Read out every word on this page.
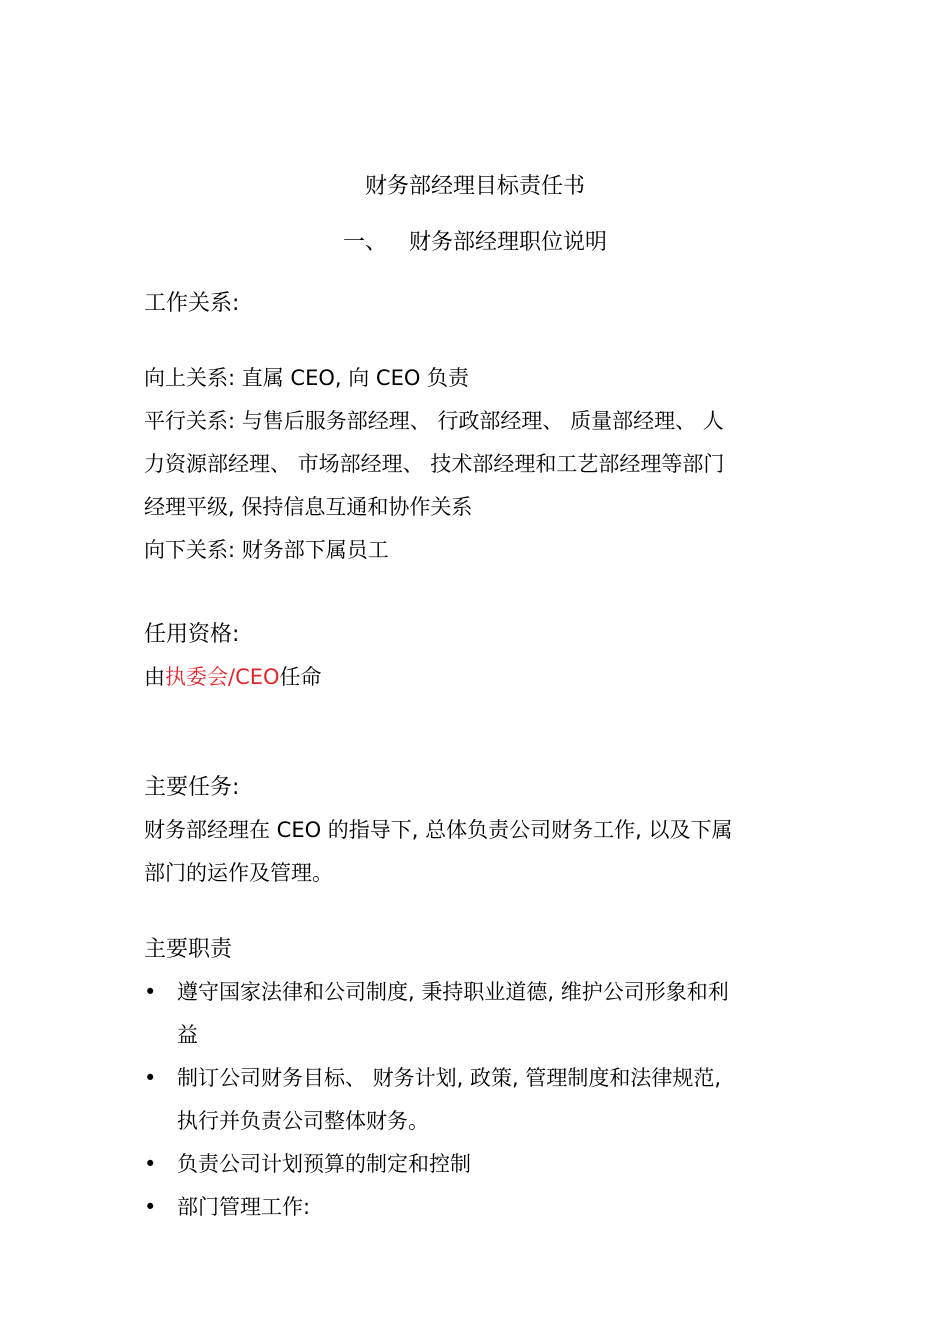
财务部经理目标责任书
一、 财务部经理职位说明
工作关系:

向上关系: 直属 CEO, 向 CEO 负责

平行关系: 与售后服务部经理、 行政部经理、 质量部经理、 人

力资源部经理、 市场部经理、 技术部经理和工艺部经理等部门

经理平级, 保持信息互通和协作关系

向下关系: 财务部下属员工

任用资格:

由执委会/CEO任命

主要任务:

财务部经理在 CEO 的指导下, 总体负责公司财务工作, 以及下属

部门的运作及管理。

主要职责
• 遵守国家法律和公司制度, 秉持职业道德, 维护公司形象和利

益

• 制订公司财务目标、 财务计划, 政策, 管理制度和法律规范,

执行并负责公司整体财务。

• 负责公司计划预算的制定和控制

• 部门管理工作:
